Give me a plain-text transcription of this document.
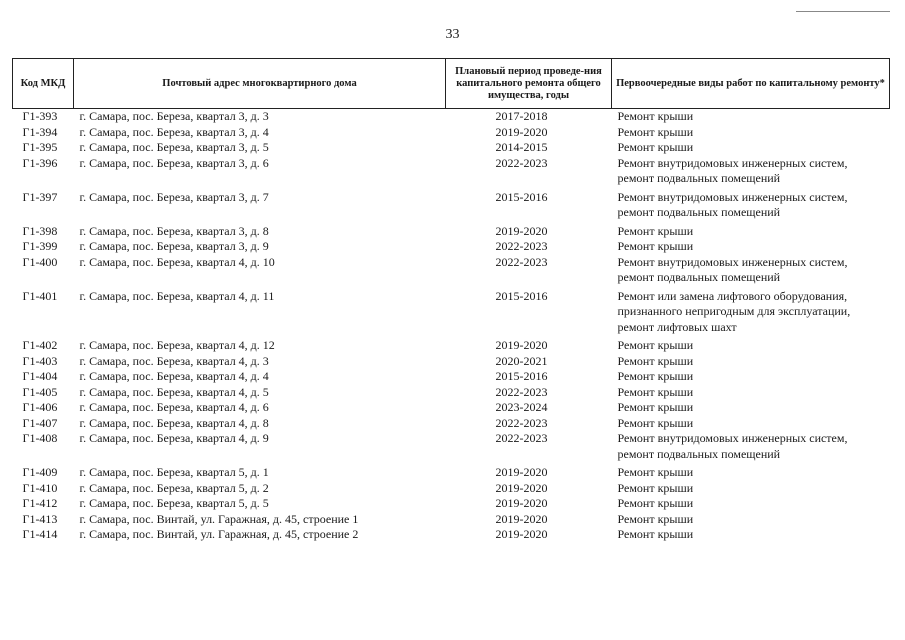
33
Код МКД	Почтовый адрес многоквартирного дома	Плановый период проведе-ния капитального ремонта общего имущества, годы	Первоочередные виды работ по капитальному ремонту*
Г1-393	г. Самара, пос. Береза, квартал 3, д. 3	2017-2018	Ремонт крыши

Г1-394	г. Самара, пос. Береза, квартал 3, д. 4	2019-2020	Ремонт крыши

Г1-395	г. Самара, пос. Береза, квартал 3, д. 5	2014-2015	Ремонт крыши

Г1-396	г. Самара, пос. Береза, квартал 3, д. 6	2022-2023	Ремонт внутридомовых инженерных систем,
ремонт подвальных помещений

Г1-397	г. Самара, пос. Береза, квартал 3, д. 7	2015-2016	Ремонт внутридомовых инженерных систем,
ремонт подвальных помещений

Г1-398	г. Самара, пос. Береза, квартал 3, д. 8	2019-2020	Ремонт крыши

Г1-399	г. Самара, пос. Береза, квартал 3, д. 9	2022-2023	Ремонт крыши

Г1-400	г. Самара, пос. Береза, квартал 4, д. 10	2022-2023	Ремонт внутридомовых инженерных систем,
ремонт подвальных помещений

Г1-401	г. Самара, пос. Береза, квартал 4, д. 11	2015-2016	Ремонт или замена лифтового оборудования,
признанного непригодным для эксплуатации,
ремонт лифтовых шахт

Г1-402	г. Самара, пос. Береза, квартал 4, д. 12	2019-2020	Ремонт крыши

Г1-403	г. Самара, пос. Береза, квартал 4, д. 3	2020-2021	Ремонт крыши

Г1-404	г. Самара, пос. Береза, квартал 4, д. 4	2015-2016	Ремонт крыши

Г1-405	г. Самара, пос. Береза, квартал 4, д. 5	2022-2023	Ремонт крыши

Г1-406	г. Самара, пос. Береза, квартал 4, д. 6	2023-2024	Ремонт крыши

Г1-407	г. Самара, пос. Береза, квартал 4, д. 8	2022-2023	Ремонт крыши

Г1-408	г. Самара, пос. Береза, квартал 4, д. 9	2022-2023	Ремонт внутридомовых инженерных систем,
ремонт подвальных помещений

Г1-409	г. Самара, пос. Береза, квартал 5, д. 1	2019-2020	Ремонт крыши

Г1-410	г. Самара, пос. Береза, квартал 5, д. 2	2019-2020	Ремонт крыши

Г1-412	г. Самара, пос. Береза, квартал 5, д. 5	2019-2020	Ремонт крыши

Г1-413	г. Самара, пос. Винтай, ул. Гаражная, д. 45, строение 1	2019-2020	Ремонт крыши

Г1-414	г. Самара, пос. Винтай, ул. Гаражная, д. 45, строение 2	2019-2020	Ремонт крыши
